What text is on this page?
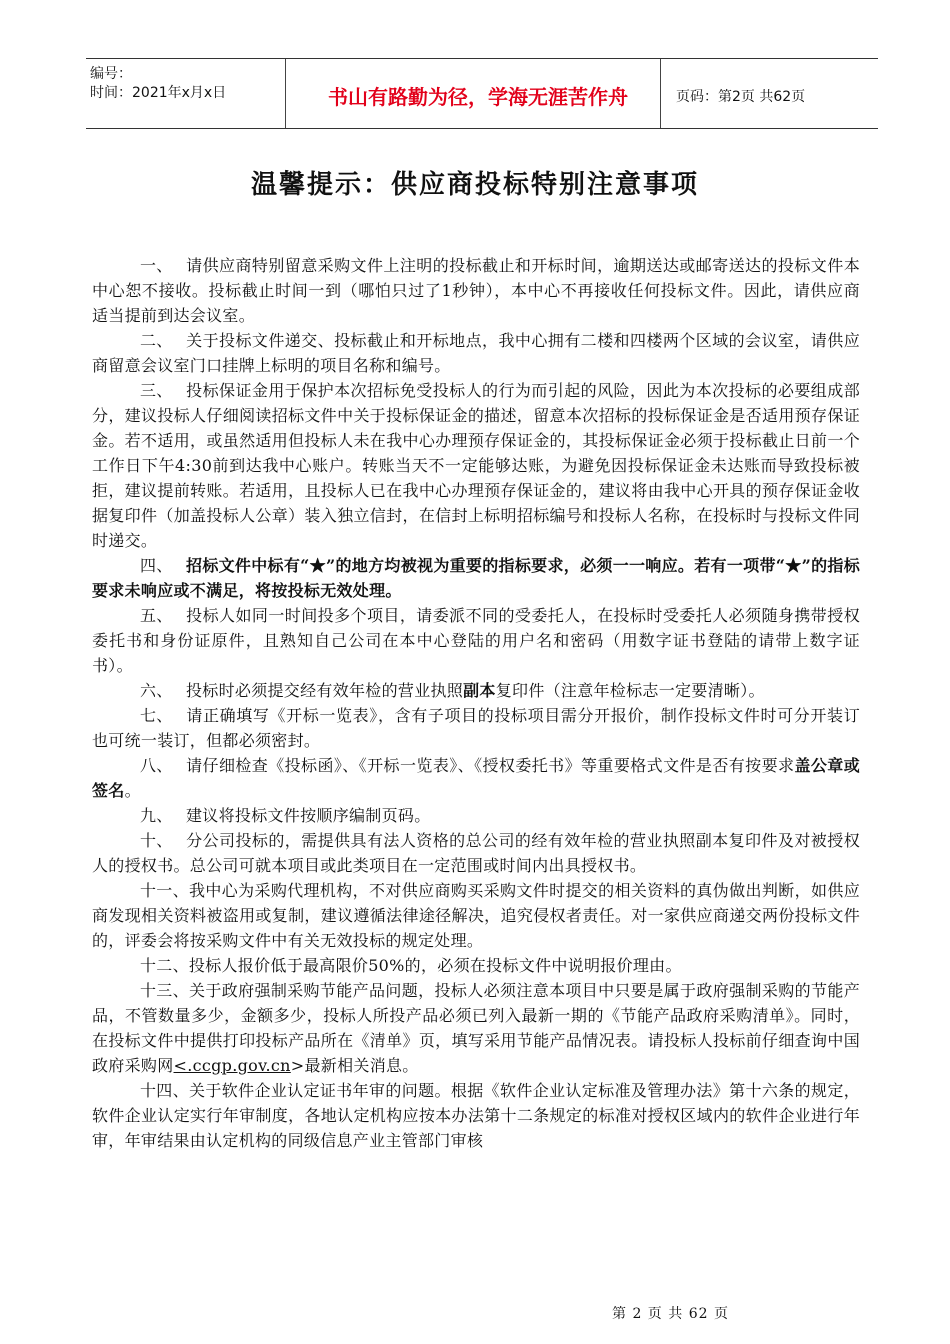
编号：
时间：2021年x月x日	书山有路勤为径，学海无涯苦作舟	页码：第2页 共62页
温馨提示：供应商投标特别注意事项

一、 请供应商特别留意采购文件上注明的投标截止和开标时间，逾期送达或邮寄送达的投标文件本中心恕不接收。投标截止时间一到（哪怕只过了1秒钟），本中心不再接收任何投标文件。因此，请供应商适当提前到达会议室。

二、 关于投标文件递交、投标截止和开标地点，我中心拥有二楼和四楼两个区域的会议室，请供应商留意会议室门口挂牌上标明的项目名称和编号。

三、 投标保证金用于保护本次招标免受投标人的行为而引起的风险，因此为本次投标的必要组成部分，建议投标人仔细阅读招标文件中关于投标保证金的描述，留意本次招标的投标保证金是否适用预存保证金。若不适用，或虽然适用但投标人未在我中心办理预存保证金的，其投标保证金必须于投标截止日前一个工作日下午4:30前到达我中心账户。转账当天不一定能够达账，为避免因投标保证金未达账而导致投标被拒，建议提前转账。若适用，且投标人已在我中心办理预存保证金的，建议将由我中心开具的预存保证金收据复印件（加盖投标人公章）装入独立信封，在信封上标明招标编号和投标人名称，在投标时与投标文件同时递交。

四、 招标文件中标有“★”的地方均被视为重要的指标要求，必须一一响应。若有一项带“★”的指标要求未响应或不满足，将按投标无效处理。

五、 投标人如同一时间投多个项目，请委派不同的受委托人，在投标时受委托人必须随身携带授权委托书和身份证原件，且熟知自己公司在本中心登陆的用户名和密码（用数字证书登陆的请带上数字证书）。

六、 投标时必须提交经有效年检的营业执照副本复印件（注意年检标志一定要清晰）。

七、 请正确填写《开标一览表》，含有子项目的投标项目需分开报价，制作投标文件时可分开装订也可统一装订，但都必须密封。

八、 请仔细检查《投标函》、《开标一览表》、《授权委托书》等重要格式文件是否有按要求盖公章或签名。

九、 建议将投标文件按顺序编制页码。

十、 分公司投标的，需提供具有法人资格的总公司的经有效年检的营业执照副本复印件及对被授权人的授权书。总公司可就本项目或此类项目在一定范围或时间内出具授权书。

十一、我中心为采购代理机构，不对供应商购买采购文件时提交的相关资料的真伪做出判断，如供应商发现相关资料被盗用或复制，建议遵循法律途径解决，追究侵权者责任。对一家供应商递交两份投标文件的，评委会将按采购文件中有关无效投标的规定处理。

十二、投标人报价低于最高限价50%的，必须在投标文件中说明报价理由。

十三、关于政府强制采购节能产品问题，投标人必须注意本项目中只要是属于政府强制采购的节能产品，不管数量多少，金额多少，投标人所投产品必须已列入最新一期的《节能产品政府采购清单》。同时，在投标文件中提供打印投标产品所在《清单》页，填写采用节能产品情况表。请投标人投标前仔细查询中国政府采购网<.ccgp.gov.cn>最新相关消息。

十四、关于软件企业认定证书年审的问题。根据《软件企业认定标准及管理办法》第十六条的规定，软件企业认定实行年审制度，各地认定机构应按本办法第十二条规定的标准对授权区域内的软件企业进行年审，年审结果由认定机构的同级信息产业主管部门审核

第 2 页 共 62 页
